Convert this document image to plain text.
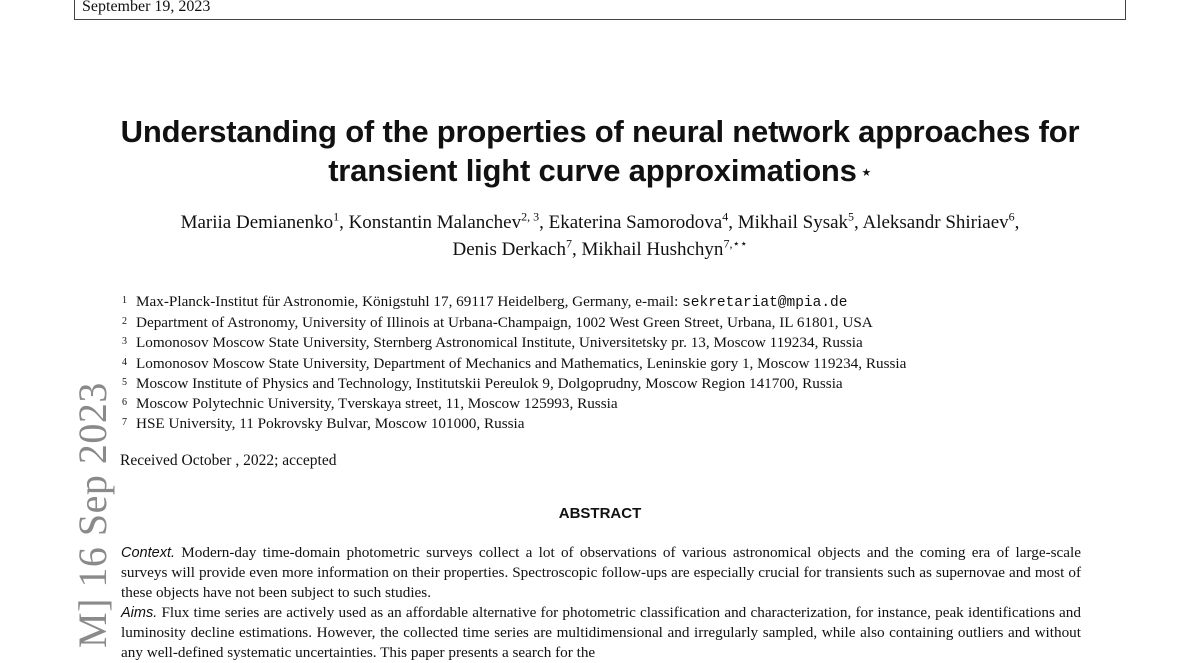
September 19, 2023
M] 16 Sep 2023
Understanding of the properties of neural network approaches for
transient light curve approximations ⋆
Mariia Demianenko$^1$, Konstantin Malanchev$^{2, 3}$, Ekaterina Samorodova$^4$, Mikhail Sysak$^5$, Aleksandr Shiriaev$^6$,
Denis Derkach$^7$, Mikhail Hushchyn$^{7,⋆⋆}$
1 Max-Planck-Institut für Astronomie, Königstuhl 17, 69117 Heidelberg, Germany, e-mail: sekretariat@mpia.de
2 Department of Astronomy, University of Illinois at Urbana-Champaign, 1002 West Green Street, Urbana, IL 61801, USA
3 Lomonosov Moscow State University, Sternberg Astronomical Institute, Universitetsky pr. 13, Moscow 119234, Russia
4 Lomonosov Moscow State University, Department of Mechanics and Mathematics, Leninskie gory 1, Moscow 119234, Russia
5 Moscow Institute of Physics and Technology, Institutskii Pereulok 9, Dolgoprudny, Moscow Region 141700, Russia
6 Moscow Polytechnic University, Tverskaya street, 11, Moscow 125993, Russia
7 HSE University, 11 Pokrovsky Bulvar, Moscow 101000, Russia
Received October , 2022; accepted
ABSTRACT

Context. Modern-day time-domain photometric surveys collect a lot of observations of various astronomical objects and the coming era of large-scale surveys will provide even more information on their properties. Spectroscopic follow-ups are especially crucial for transients such as supernovae and most of these objects have not been subject to such studies.

Aims. Flux time series are actively used as an affordable alternative for photometric classification and characterization, for instance, peak identifications and luminosity decline estimations. However, the collected time series are multidimensional and irregularly sampled, while also containing outliers and without any well-defined systematic uncertainties. This paper presents a search for the
